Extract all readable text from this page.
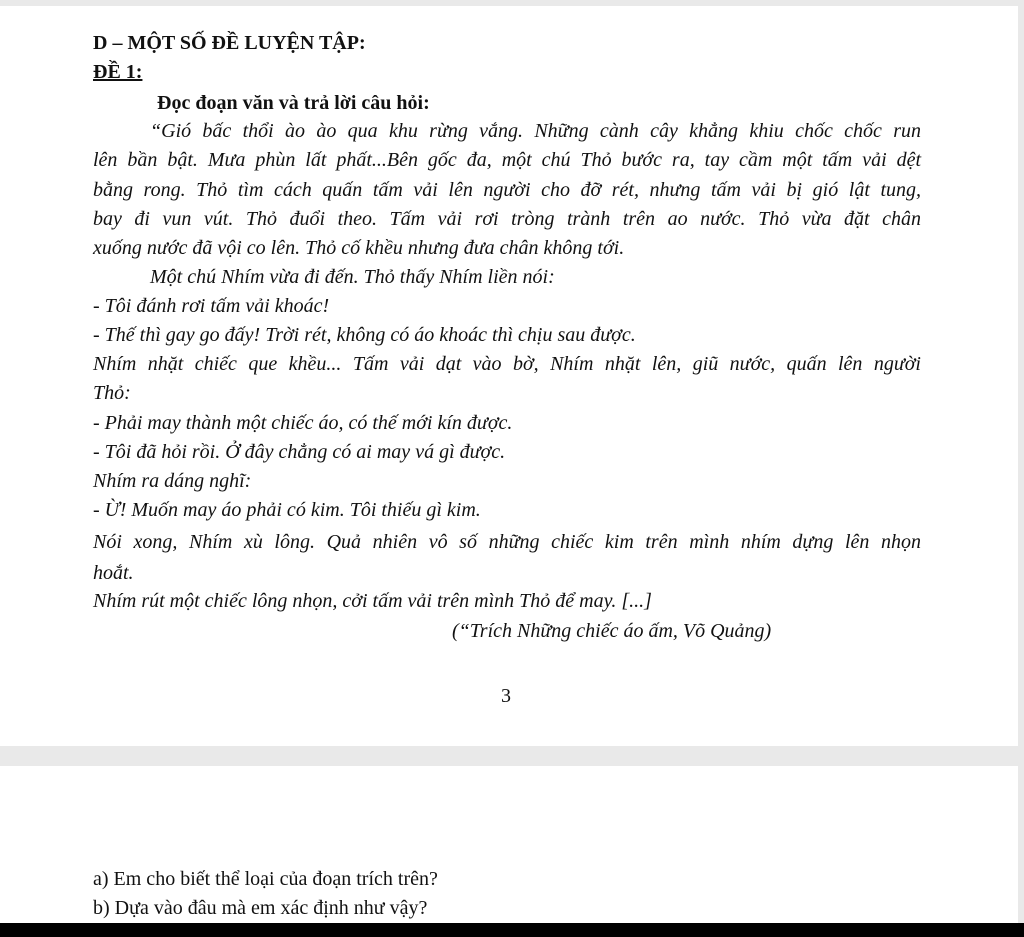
D – MỘT SỐ ĐỀ LUYỆN TẬP:
ĐỀ 1:
Đọc đoạn văn và trả lời câu hỏi:
“Gió bấc thổi ào ào qua khu rừng vắng. Những cành cây khẳng khiu chốc chốc run
lên bần bật. Mưa phùn lất phất...Bên gốc đa, một chú Thỏ bước ra, tay cầm một tấm vải dệt
bằng rong. Thỏ tìm cách quấn tấm vải lên người cho đỡ rét, nhưng tấm vải bị gió lật tung,
bay đi vun vút. Thỏ đuổi theo. Tấm vải rơi tròng trành trên ao nước. Thỏ vừa đặt chân
xuống nước đã vội co lên. Thỏ cố khều nhưng đưa chân không tới.
Một chú Nhím vừa đi đến. Thỏ thấy Nhím liền nói:
- Tôi đánh rơi tấm vải khoác!
- Thế thì gay go đấy! Trời rét, không có áo khoác thì chịu sau được.
Nhím nhặt chiếc que khều... Tấm vải dạt vào bờ, Nhím nhặt lên, giũ nước, quấn lên người
Thỏ:
- Phải may thành một chiếc áo, có thế mới kín được.
- Tôi đã hỏi rồi. Ở đây chẳng có ai may vá gì được.
Nhím ra dáng nghĩ:
- Ừ! Muốn may áo phải có kim. Tôi thiếu gì kim.
Nói xong, Nhím xù lông. Quả nhiên vô số những chiếc kim trên mình nhím dựng lên nhọn
hoắt.
Nhím rút một chiếc lông nhọn, cởi tấm vải trên mình Thỏ để may. [...]
(“Trích Những chiếc áo ấm, Võ Quảng)
3
a) Em cho biết thể loại của đoạn trích trên?
b) Dựa vào đâu mà em xác định như vậy?
